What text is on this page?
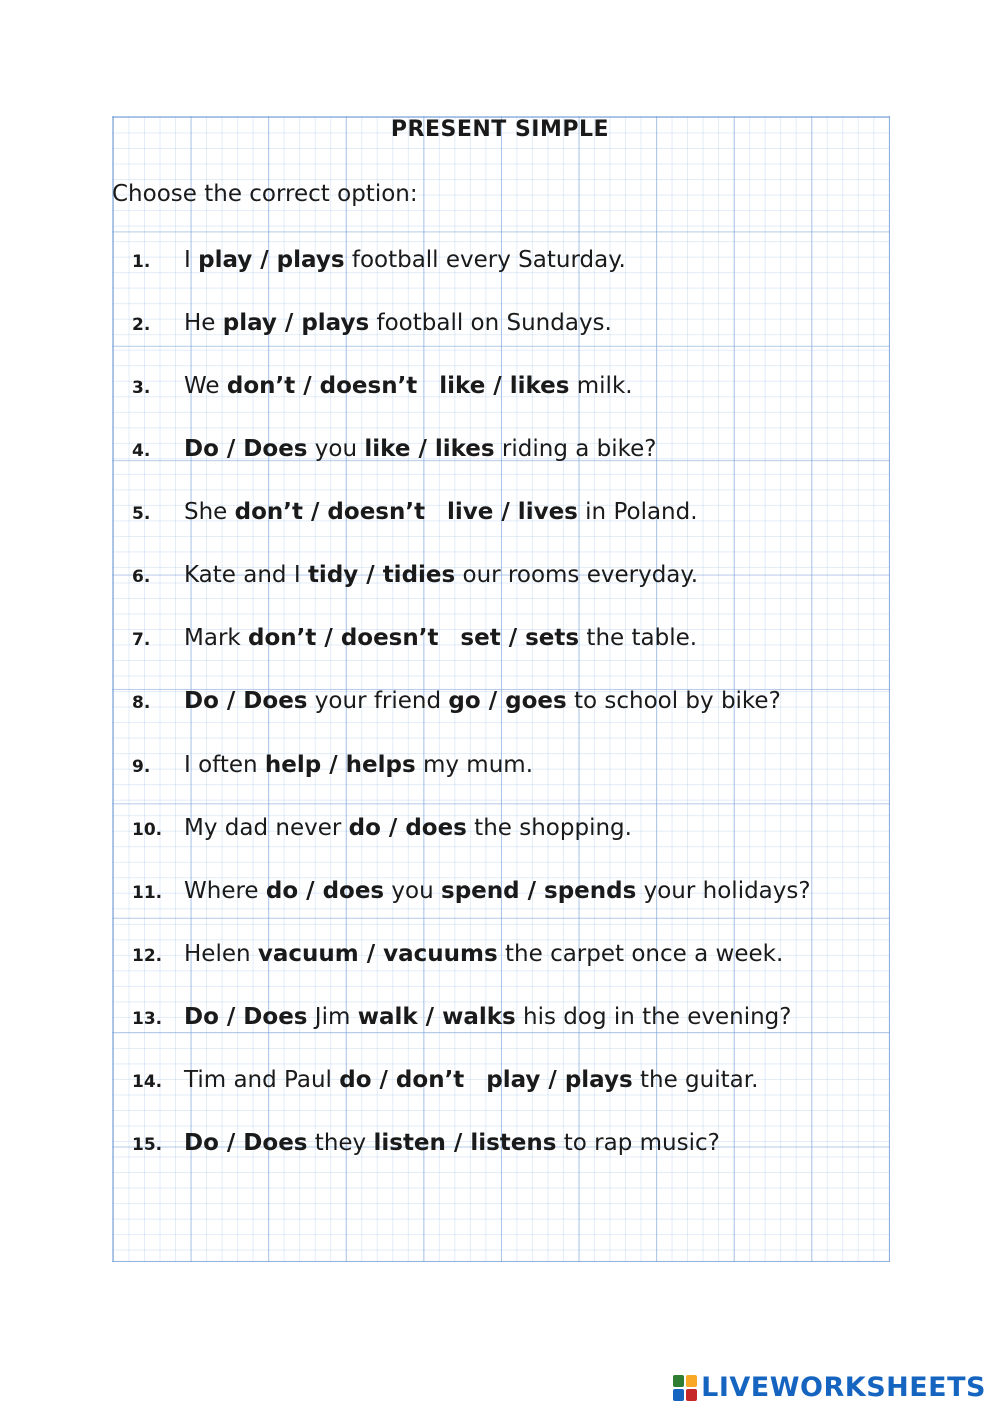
PRESENT SIMPLE
Choose the correct option:
1.	I play / plays football every Saturday.
2.	He play / plays football on Sundays.
3.	We don’t / doesn’t like / likes milk.
4.	Do / Does you like / likes riding a bike?
5.	She don’t / doesn’t live / lives in Poland.
6.	Kate and I tidy / tidies our rooms everyday.
7.	Mark don’t / doesn’t set / sets the table.
8.	Do / Does your friend go / goes to school by bike?
9.	I often help / helps my mum.
10. My dad never do / does the shopping.
11. Where do / does you spend / spends your holidays?
12. Helen vacuum / vacuums the carpet once a week.
13. Do / Does Jim walk / walks his dog in the evening?
14. Tim and Paul do / don’t play / plays the guitar.
15. Do / Does they listen / listens to rap music?
LIVEWORKSHEETS
